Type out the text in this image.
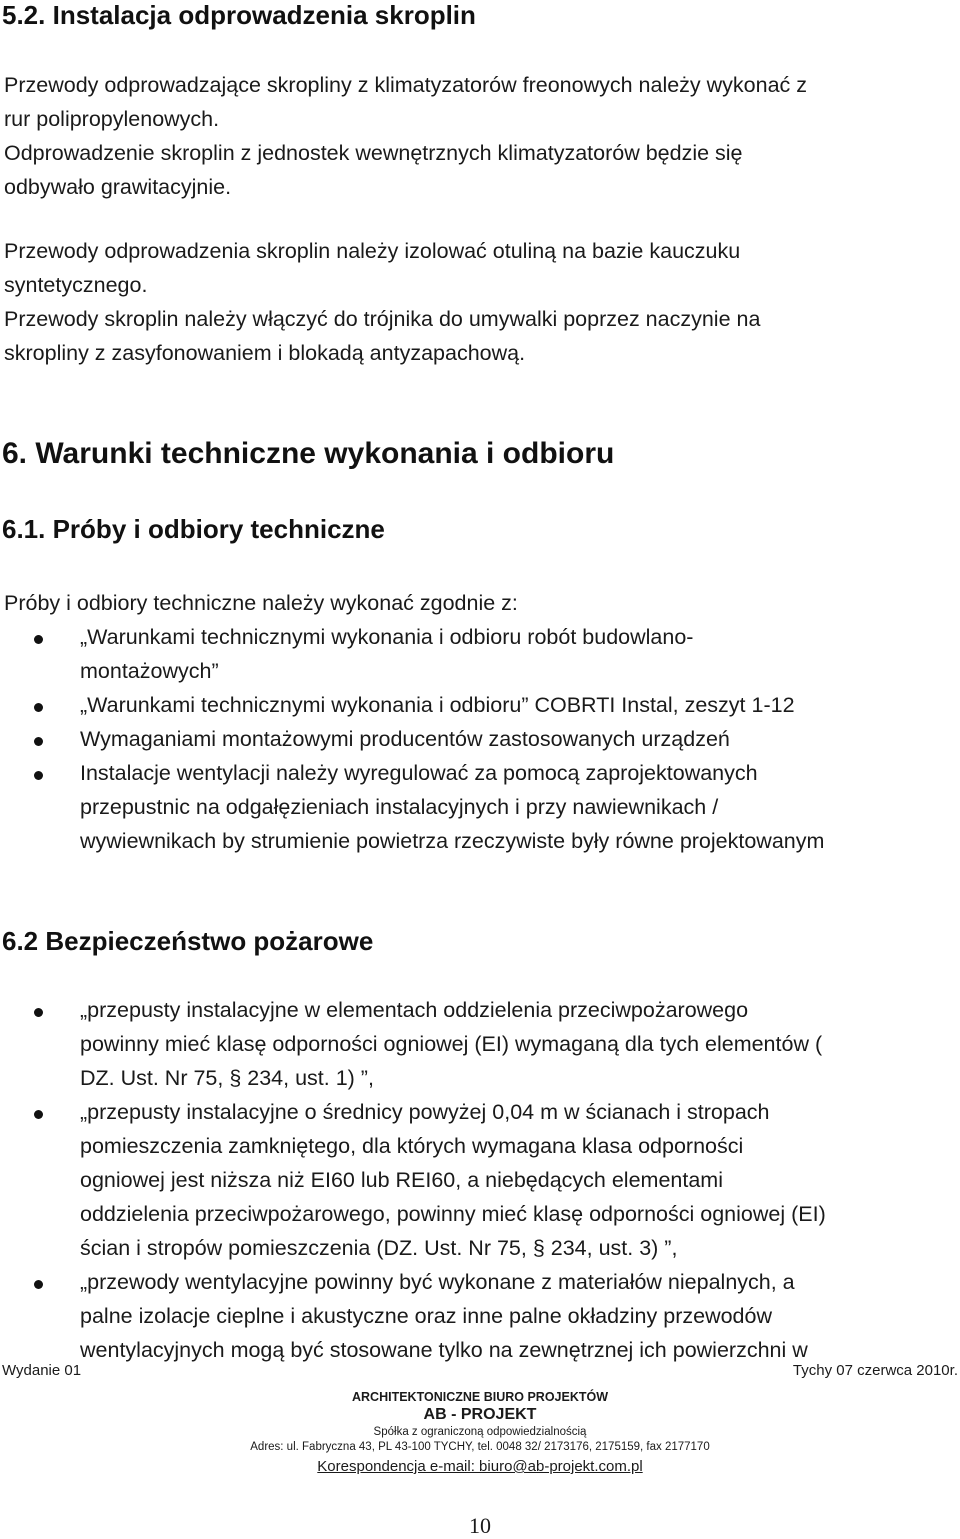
5.2. Instalacja odprowadzenia skroplin

Przewody odprowadzające skropliny z klimatyzatorów freonowych należy wykonać z

rur polipropylenowych.

Odprowadzenie skroplin z jednostek wewnętrznych klimatyzatorów będzie się

odbywało grawitacyjnie.

Przewody odprowadzenia skroplin należy izolować otuliną na bazie kauczuku

syntetycznego.

Przewody skroplin należy włączyć do trójnika do umywalki poprzez naczynie na

skropliny z zasyfonowaniem i blokadą antyzapachową.

6. Warunki techniczne wykonania i odbioru
6.1. Próby i odbiory techniczne

Próby i odbiory techniczne należy wykonać zgodnie z:

„Warunkami technicznymi wykonania i odbioru robót budowlano-

montażowych”

„Warunkami technicznymi wykonania i odbioru” COBRTI Instal, zeszyt 1-12

Wymaganiami montażowymi producentów zastosowanych urządzeń

Instalacje wentylacji należy wyregulować za pomocą zaprojektowanych

przepustnic na odgałęzieniach instalacyjnych i przy nawiewnikach /

wywiewnikach by strumienie powietrza rzeczywiste były równe projektowanym

6.2 Bezpieczeństwo pożarowe

„przepusty instalacyjne w elementach oddzielenia przeciwpożarowego

powinny mieć klasę odporności ogniowej (EI) wymaganą dla tych elementów (

DZ. Ust. Nr 75, § 234, ust. 1) ”,

„przepusty instalacyjne o średnicy powyżej 0,04 m w ścianach i stropach

pomieszczenia zamkniętego, dla których wymagana klasa odporności

ogniowej jest niższa niż EI60 lub REI60, a niebędących elementami

oddzielenia przeciwpożarowego, powinny mieć klasę odporności ogniowej (EI)

ścian i stropów pomieszczenia (DZ. Ust. Nr 75, § 234, ust. 3) ”,

„przewody wentylacyjne powinny być wykonane z materiałów niepalnych, a

palne izolacje cieplne i akustyczne oraz inne palne okładziny przewodów

wentylacyjnych mogą być stosowane tylko na zewnętrznej ich powierzchni w

Wydanie 01	Tychy 07 czerwca 2010r.
ARCHITEKTONICZNE BIURO PROJEKTÓW
AB - PROJEKT
Spółka z ograniczoną odpowiedzialnością
Adres: ul. Fabryczna 43, PL 43-100 TYCHY, tel. 0048 32/ 2173176, 2175159, fax 2177170
Korespondencja e-mail: biuro@ab-projekt.com.pl
10
